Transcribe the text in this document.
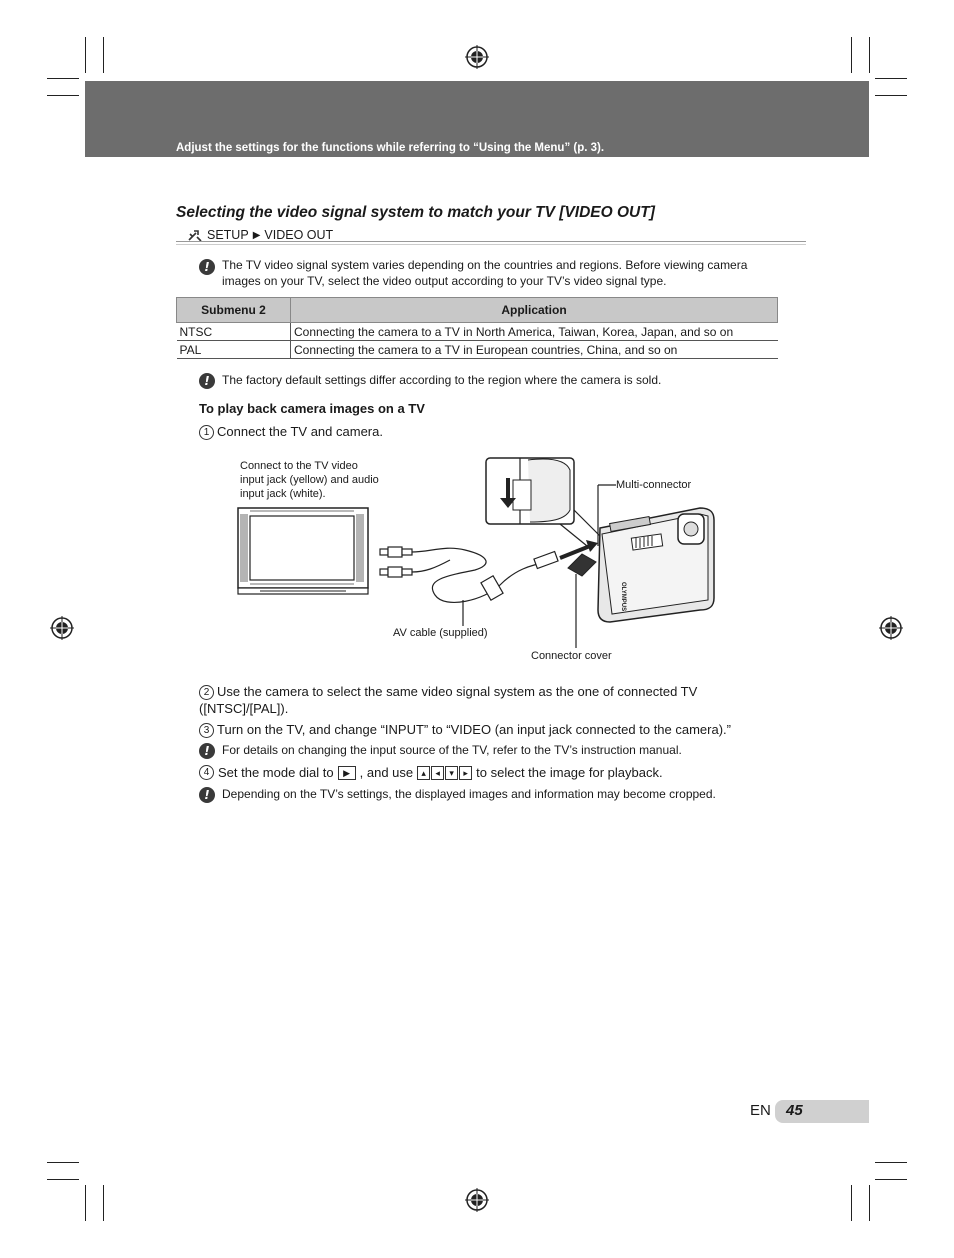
Adjust the settings for the functions while referring to “Using the Menu” (p. 3).
Selecting the video signal system to match your TV [VIDEO OUT]
SETUP ▶ VIDEO OUT
!	The TV video signal system varies depending on the countries and regions. Before viewing camera images on your TV, select the video output according to your TV’s video signal type.
Submenu 2	Application
NTSC	Connecting the camera to a TV in North America, Taiwan, Korea, Japan, and so on
PAL	Connecting the camera to a TV in European countries, China, and so on
!	The factory default settings differ according to the region where the camera is sold.
To play back camera images on a TV
1 Connect the TV and camera.
Connect to the TV video input jack (yellow) and audio input jack (white).
Multi-connector
AV cable (supplied)
Connector cover
OLYMPUS
2 Use the camera to select the same video signal system as the one of connected TV ([NTSC]/[PAL]).
3 Turn on the TV, and change “INPUT” to “VIDEO (an input jack connected to the camera).”
!	For details on changing the input source of the TV, refer to the TV’s instruction manual.
4 Set the mode dial to	▶ , and use ▴	◂	▾	▸ to select the image for playback.
!	Depending on the TV’s settings, the displayed images and information may become cropped.
EN 45
